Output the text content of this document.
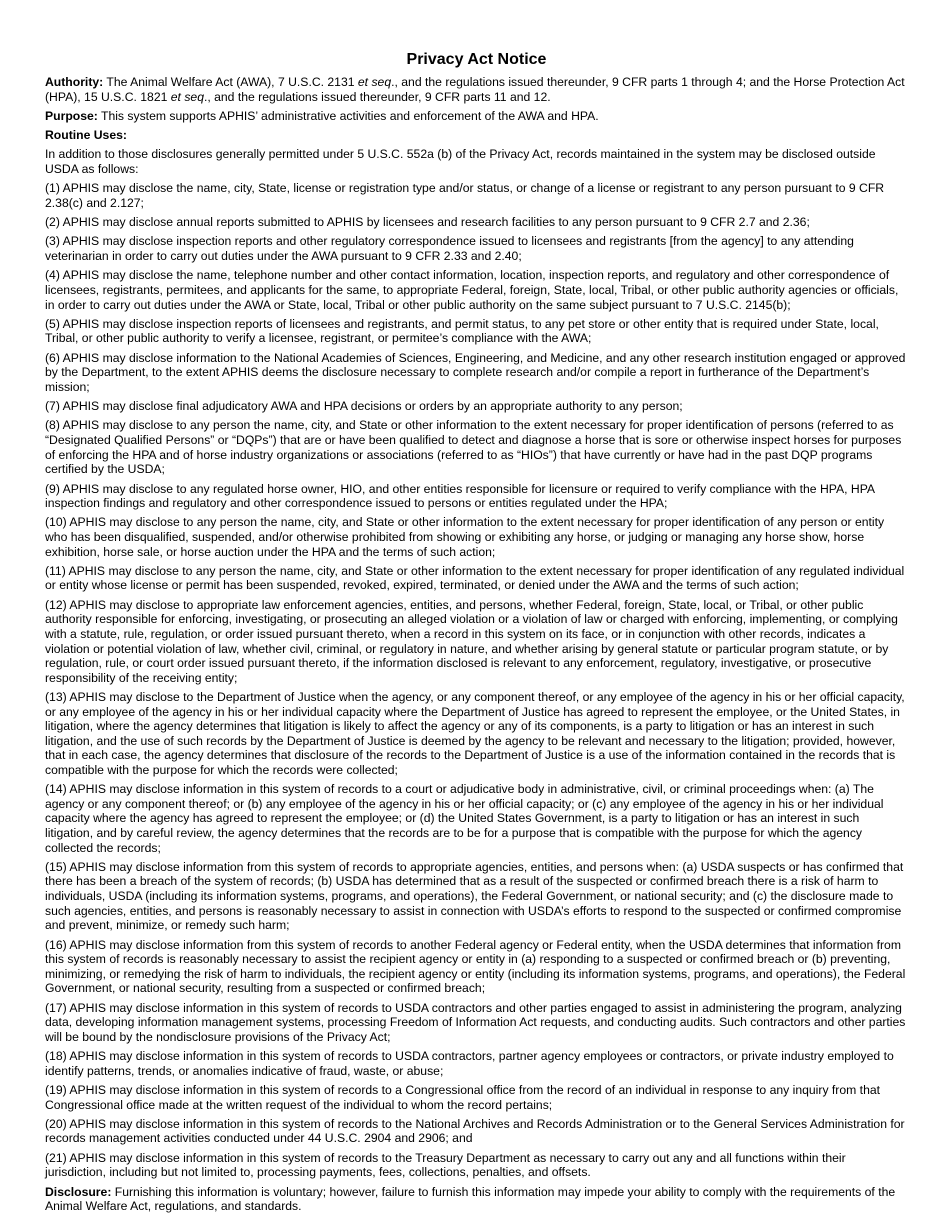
Privacy Act Notice

Authority: The Animal Welfare Act (AWA), 7 U.S.C. 2131 et seq., and the regulations issued thereunder, 9 CFR parts 1 through 4; and the Horse Protection Act (HPA), 15 U.S.C. 1821 et seq., and the regulations issued thereunder, 9 CFR parts 11 and 12.

Purpose: This system supports APHIS’ administrative activities and enforcement of the AWA and HPA.

Routine Uses:

In addition to those disclosures generally permitted under 5 U.S.C. 552a (b) of the Privacy Act, records maintained in the system may be disclosed outside USDA as follows:

(1) APHIS may disclose the name, city, State, license or registration type and/or status, or change of a license or registrant to any person pursuant to 9 CFR 2.38(c) and 2.127;

(2) APHIS may disclose annual reports submitted to APHIS by licensees and research facilities to any person pursuant to 9 CFR 2.7 and 2.36;

(3) APHIS may disclose inspection reports and other regulatory correspondence issued to licensees and registrants [from the agency] to any attending veterinarian in order to carry out duties under the AWA pursuant to 9 CFR 2.33 and 2.40;

(4) APHIS may disclose the name, telephone number and other contact information, location, inspection reports, and regulatory and other correspondence of licensees, registrants, permitees, and applicants for the same, to appropriate Federal, foreign, State, local, Tribal, or other public authority agencies or officials, in order to carry out duties under the AWA or State, local, Tribal or other public authority on the same subject pursuant to 7 U.S.C. 2145(b);

(5) APHIS may disclose inspection reports of licensees and registrants, and permit status, to any pet store or other entity that is required under State, local, Tribal, or other public authority to verify a licensee, registrant, or permitee’s compliance with the AWA;

(6) APHIS may disclose information to the National Academies of Sciences, Engineering, and Medicine, and any other research institution engaged or approved by the Department, to the extent APHIS deems the disclosure necessary to complete research and/or compile a report in furtherance of the Department’s mission;

(7) APHIS may disclose final adjudicatory AWA and HPA decisions or orders by an appropriate authority to any person;

(8) APHIS may disclose to any person the name, city, and State or other information to the extent necessary for proper identification of persons (referred to as “Designated Qualified Persons” or “DQPs”) that are or have been qualified to detect and diagnose a horse that is sore or otherwise inspect horses for purposes of enforcing the HPA and of horse industry organizations or associations (referred to as “HIOs”) that have currently or have had in the past DQP programs certified by the USDA;

(9) APHIS may disclose to any regulated horse owner, HIO, and other entities responsible for licensure or required to verify compliance with the HPA, HPA inspection findings and regulatory and other correspondence issued to persons or entities regulated under the HPA;

(10) APHIS may disclose to any person the name, city, and State or other information to the extent necessary for proper identification of any person or entity who has been disqualified, suspended, and/or otherwise prohibited from showing or exhibiting any horse, or judging or managing any horse show, horse exhibition, horse sale, or horse auction under the HPA and the terms of such action;

(11) APHIS may disclose to any person the name, city, and State or other information to the extent necessary for proper identification of any regulated individual or entity whose license or permit has been suspended, revoked, expired, terminated, or denied under the AWA and the terms of such action;

(12) APHIS may disclose to appropriate law enforcement agencies, entities, and persons, whether Federal, foreign, State, local, or Tribal, or other public authority responsible for enforcing, investigating, or prosecuting an alleged violation or a violation of law or charged with enforcing, implementing, or complying with a statute, rule, regulation, or order issued pursuant thereto, when a record in this system on its face, or in conjunction with other records, indicates a violation or potential violation of law, whether civil, criminal, or regulatory in nature, and whether arising by general statute or particular program statute, or by regulation, rule, or court order issued pursuant thereto, if the information disclosed is relevant to any enforcement, regulatory, investigative, or prosecutive responsibility of the receiving entity;

(13) APHIS may disclose to the Department of Justice when the agency, or any component thereof, or any employee of the agency in his or her official capacity, or any employee of the agency in his or her individual capacity where the Department of Justice has agreed to represent the employee, or the United States, in litigation, where the agency determines that litigation is likely to affect the agency or any of its components, is a party to litigation or has an interest in such litigation, and the use of such records by the Department of Justice is deemed by the agency to be relevant and necessary to the litigation; provided, however, that in each case, the agency determines that disclosure of the records to the Department of Justice is a use of the information contained in the records that is compatible with the purpose for which the records were collected;

(14) APHIS may disclose information in this system of records to a court or adjudicative body in administrative, civil, or criminal proceedings when: (a) The agency or any component thereof; or (b) any employee of the agency in his or her official capacity; or (c) any employee of the agency in his or her individual capacity where the agency has agreed to represent the employee; or (d) the United States Government, is a party to litigation or has an interest in such litigation, and by careful review, the agency determines that the records are to be for a purpose that is compatible with the purpose for which the agency collected the records;

(15) APHIS may disclose information from this system of records to appropriate agencies, entities, and persons when: (a) USDA suspects or has confirmed that there has been a breach of the system of records; (b) USDA has determined that as a result of the suspected or confirmed breach there is a risk of harm to individuals, USDA (including its information systems, programs, and operations), the Federal Government, or national security; and (c) the disclosure made to such agencies, entities, and persons is reasonably necessary to assist in connection with USDA’s efforts to respond to the suspected or confirmed compromise and prevent, minimize, or remedy such harm;

(16) APHIS may disclose information from this system of records to another Federal agency or Federal entity, when the USDA determines that information from this system of records is reasonably necessary to assist the recipient agency or entity in (a) responding to a suspected or confirmed breach or (b) preventing, minimizing, or remedying the risk of harm to individuals, the recipient agency or entity (including its information systems, programs, and operations), the Federal Government, or national security, resulting from a suspected or confirmed breach;

(17) APHIS may disclose information in this system of records to USDA contractors and other parties engaged to assist in administering the program, analyzing data, developing information management systems, processing Freedom of Information Act requests, and conducting audits. Such contractors and other parties will be bound by the nondisclosure provisions of the Privacy Act;

(18) APHIS may disclose information in this system of records to USDA contractors, partner agency employees or contractors, or private industry employed to identify patterns, trends, or anomalies indicative of fraud, waste, or abuse;

(19) APHIS may disclose information in this system of records to a Congressional office from the record of an individual in response to any inquiry from that Congressional office made at the written request of the individual to whom the record pertains;

(20) APHIS may disclose information in this system of records to the National Archives and Records Administration or to the General Services Administration for records management activities conducted under 44 U.S.C. 2904 and 2906; and

(21) APHIS may disclose information in this system of records to the Treasury Department as necessary to carry out any and all functions within their jurisdiction, including but not limited to, processing payments, fees, collections, penalties, and offsets.

Disclosure: Furnishing this information is voluntary; however, failure to furnish this information may impede your ability to comply with the requirements of the Animal Welfare Act, regulations, and standards.
